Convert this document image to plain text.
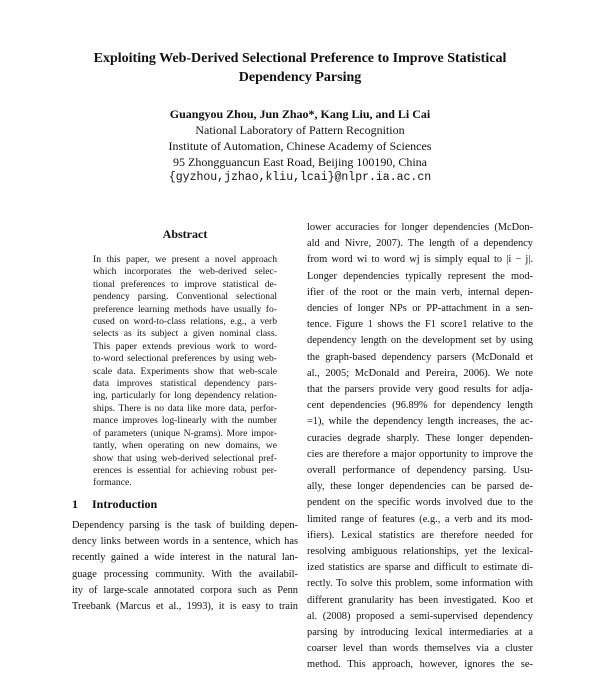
Exploiting Web-Derived Selectional Preference to Improve Statistical
Dependency Parsing
Guangyou Zhou, Jun Zhao*, Kang Liu, and Li Cai
National Laboratory of Pattern Recognition
Institute of Automation, Chinese Academy of Sciences
95 Zhongguancun East Road, Beijing 100190, China
{gyzhou,jzhao,kliu,lcai}@nlpr.ia.ac.cn
Abstract
In this paper, we present a novel approach
which incorporates the web-derived selec-
tional preferences to improve statistical de-
pendency parsing. Conventional selectional
preference learning methods have usually fo-
cused on word-to-class relations, e.g., a verb
selects as its subject a given nominal class.
This paper extends previous work to word-
to-word selectional preferences by using web-
scale data. Experiments show that web-scale
data improves statistical dependency pars-
ing, particularly for long dependency relation-
ships. There is no data like more data, perfor-
mance improves log-linearly with the number
of parameters (unique N-grams). More impor-
tantly, when operating on new domains, we
show that using web-derived selectional pref-
erences is essential for achieving robust per-
formance.
1 Introduction
Dependency parsing is the task of building depen-
dency links between words in a sentence, which has
recently gained a wide interest in the natural lan-
guage processing community. With the availabil-
ity of large-scale annotated corpora such as Penn
Treebank (Marcus et al., 1993), it is easy to train
lower accuracies for longer dependencies (McDon-
ald and Nivre, 2007). The length of a dependency
from word wi to word wj is simply equal to |i − j|.
Longer dependencies typically represent the mod-
ifier of the root or the main verb, internal depen-
dencies of longer NPs or PP-attachment in a sen-
tence. Figure 1 shows the F1 score1 relative to the
dependency length on the development set by using
the graph-based dependency parsers (McDonald et
al., 2005; McDonald and Pereira, 2006). We note
that the parsers provide very good results for adja-
cent dependencies (96.89% for dependency length
=1), while the dependency length increases, the ac-
curacies degrade sharply. These longer dependen-
cies are therefore a major opportunity to improve the
overall performance of dependency parsing. Usu-
ally, these longer dependencies can be parsed de-
pendent on the specific words involved due to the
limited range of features (e.g., a verb and its mod-
ifiers). Lexical statistics are therefore needed for
resolving ambiguous relationships, yet the lexical-
ized statistics are sparse and difficult to estimate di-
rectly. To solve this problem, some information with
different granularity has been investigated. Koo et
al. (2008) proposed a semi-supervised dependency
parsing by introducing lexical intermediaries at a
coarser level than words themselves via a cluster
method. This approach, however, ignores the se-
